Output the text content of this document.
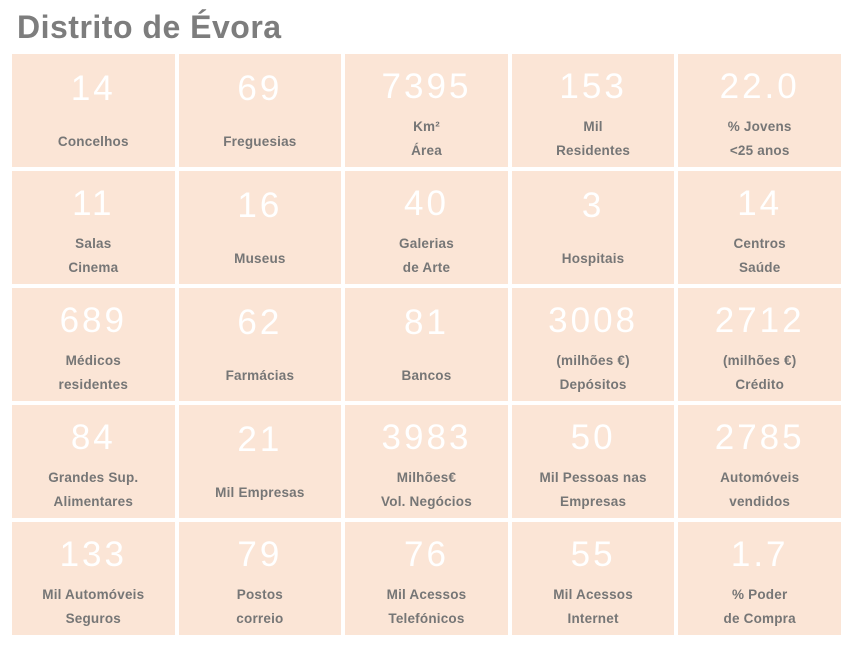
Distrito de Évora
14
Concelhos
69
Freguesias
7395
Km²
Área
153
Mil
Residentes
22.0
% Jovens
<25 anos
11
Salas
Cinema
16
Museus
40
Galerias
de Arte
3
Hospitais
14
Centros
Saúde
689
Médicos
residentes
62
Farmácias
81
Bancos
3008
(milhões €)
Depósitos
2712
(milhões €)
Crédito
84
Grandes Sup.
Alimentares
21
Mil Empresas
3983
Milhões€
Vol. Negócios
50
Mil Pessoas nas
Empresas
2785
Automóveis
vendidos
133
Mil Automóveis
Seguros
79
Postos
correio
76
Mil Acessos
Telefónicos
55
Mil Acessos
Internet
1.7
% Poder
de Compra
